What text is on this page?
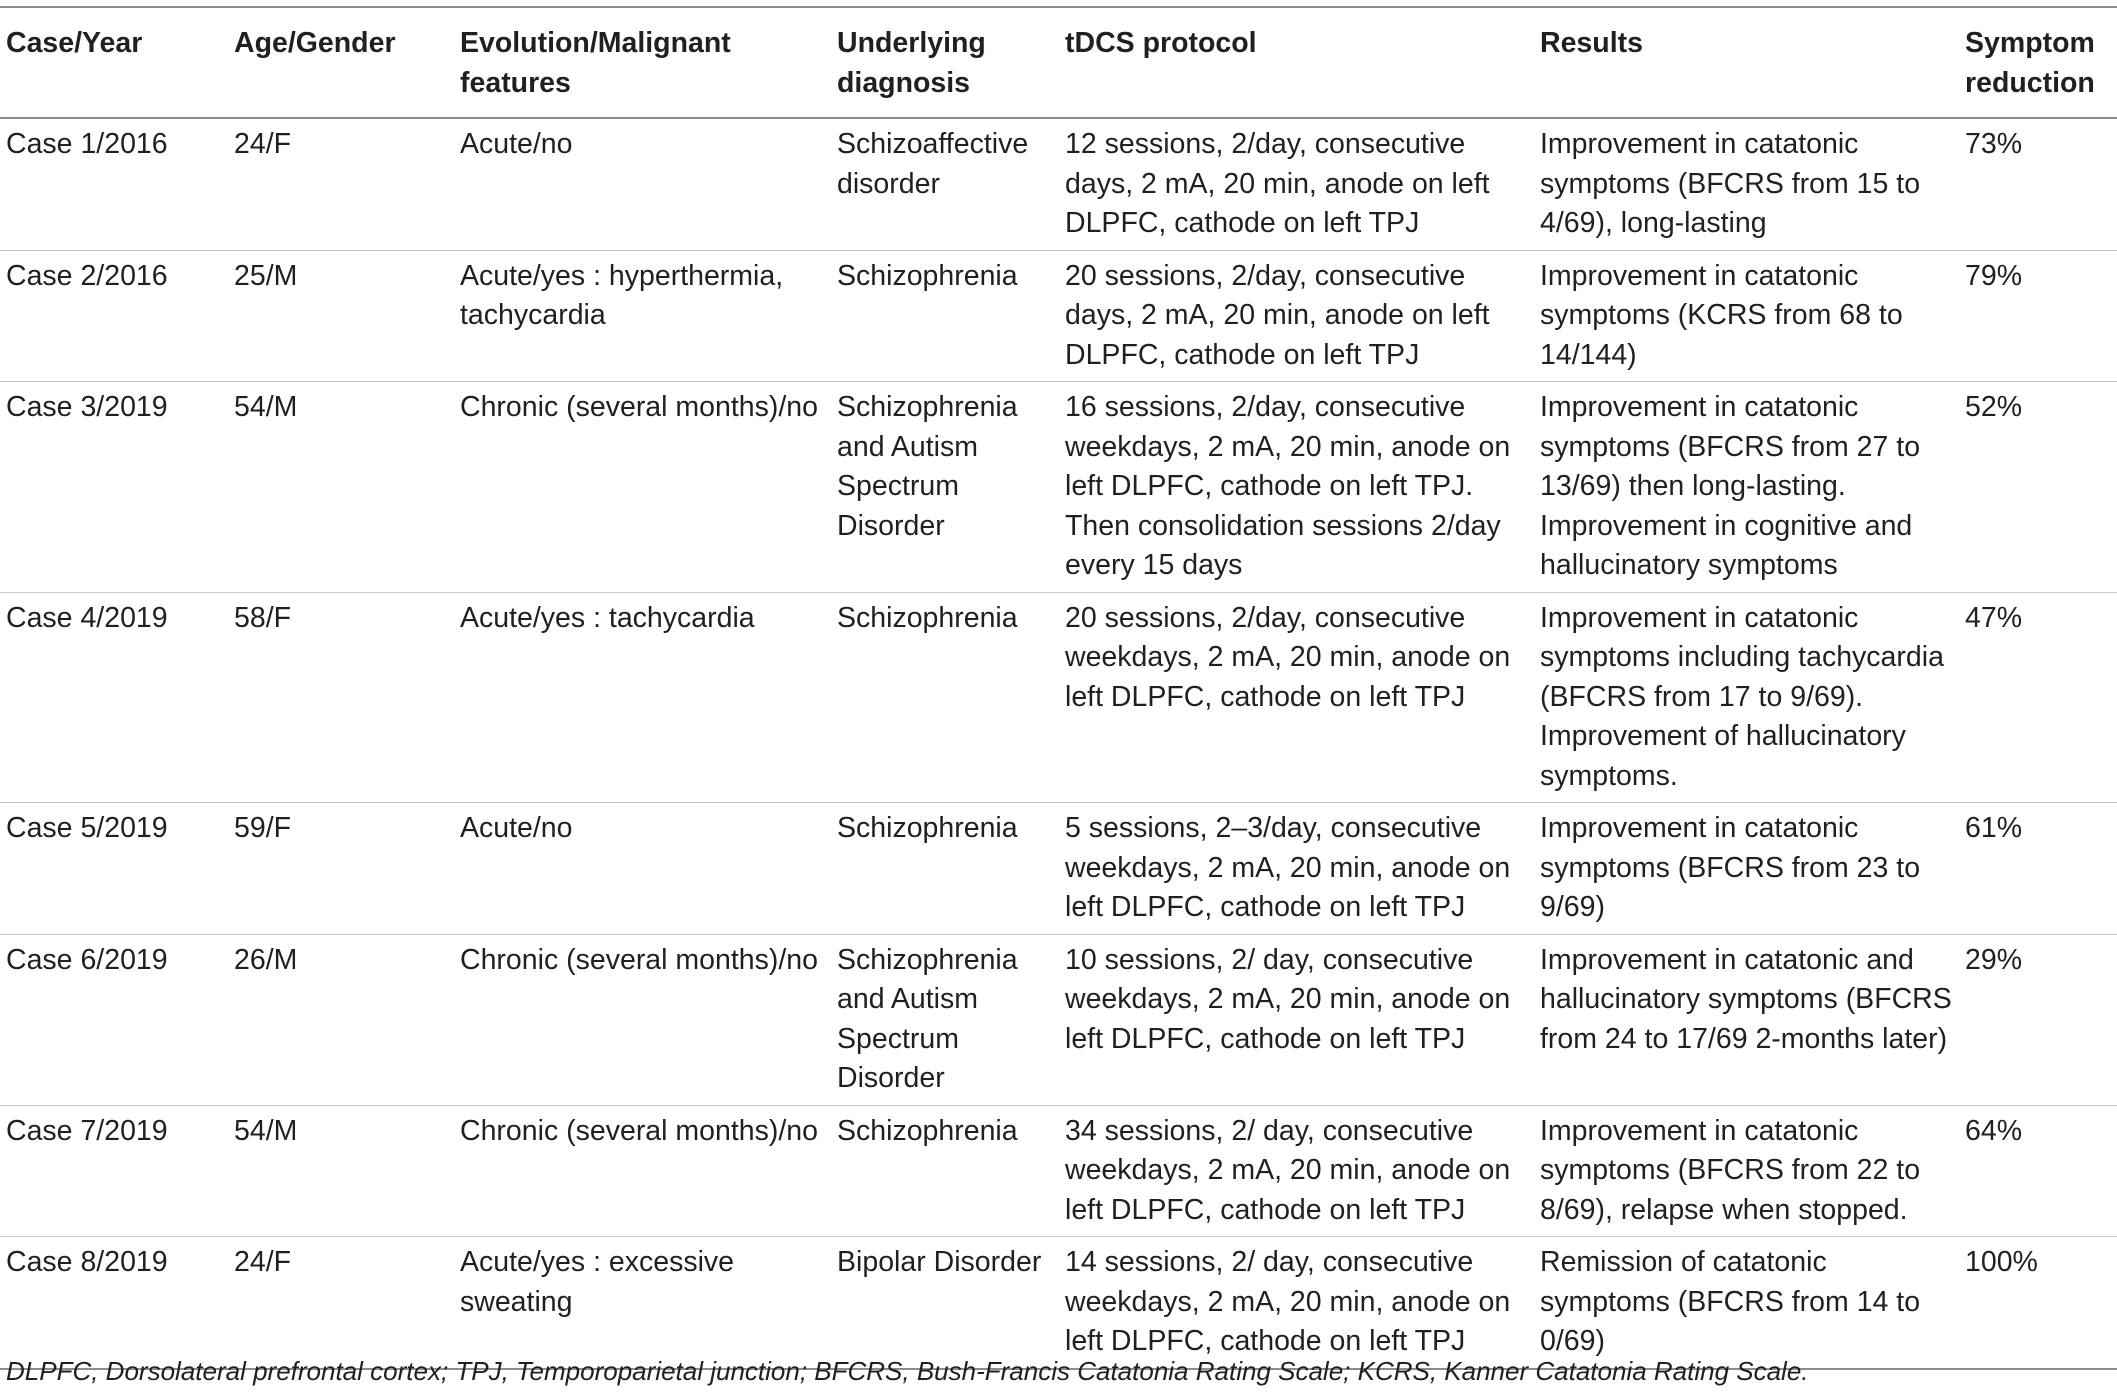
Case/Year	Age/Gender	Evolution/Malignant features	Underlying diagnosis	tDCS protocol	Results	Symptom reduction
Case 1/2016	24/F	Acute/no	Schizoaffective disorder	12 sessions, 2/day, consecutive days, 2 mA, 20 min, anode on left DLPFC, cathode on left TPJ	Improvement in catatonic symptoms (BFCRS from 15 to 4/69), long-lasting	73%
Case 2/2016	25/M	Acute/yes : hyperthermia, tachycardia	Schizophrenia	20 sessions, 2/day, consecutive days, 2 mA, 20 min, anode on left DLPFC, cathode on left TPJ	Improvement in catatonic symptoms (KCRS from 68 to 14/144)	79%
Case 3/2019	54/M	Chronic (several months)/no	Schizophrenia and Autism Spectrum Disorder	16 sessions, 2/day, consecutive weekdays, 2 mA, 20 min, anode on left DLPFC, cathode on left TPJ. Then consolidation sessions 2/day every 15 days	Improvement in catatonic symptoms (BFCRS from 27 to 13/69) then long-lasting. Improvement in cognitive and hallucinatory symptoms	52%
Case 4/2019	58/F	Acute/yes : tachycardia	Schizophrenia	20 sessions, 2/day, consecutive weekdays, 2 mA, 20 min, anode on left DLPFC, cathode on left TPJ	Improvement in catatonic symptoms including tachycardia (BFCRS from 17 to 9/69). Improvement of hallucinatory symptoms.	47%
Case 5/2019	59/F	Acute/no	Schizophrenia	5 sessions, 2–3/day, consecutive weekdays, 2 mA, 20 min, anode on left DLPFC, cathode on left TPJ	Improvement in catatonic symptoms (BFCRS from 23 to 9/69)	61%
Case 6/2019	26/M	Chronic (several months)/no	Schizophrenia and Autism Spectrum Disorder	10 sessions, 2/ day, consecutive weekdays, 2 mA, 20 min, anode on left DLPFC, cathode on left TPJ	Improvement in catatonic and hallucinatory symptoms (BFCRS from 24 to 17/69 2-months later)	29%
Case 7/2019	54/M	Chronic (several months)/no	Schizophrenia	34 sessions, 2/ day, consecutive weekdays, 2 mA, 20 min, anode on left DLPFC, cathode on left TPJ	Improvement in catatonic symptoms (BFCRS from 22 to 8/69), relapse when stopped.	64%
Case 8/2019	24/F	Acute/yes : excessive sweating	Bipolar Disorder	14 sessions, 2/ day, consecutive weekdays, 2 mA, 20 min, anode on left DLPFC, cathode on left TPJ	Remission of catatonic symptoms (BFCRS from 14 to 0/69)	100%
DLPFC, Dorsolateral prefrontal cortex; TPJ, Temporoparietal junction; BFCRS, Bush-Francis Catatonia Rating Scale; KCRS, Kanner Catatonia Rating Scale.
